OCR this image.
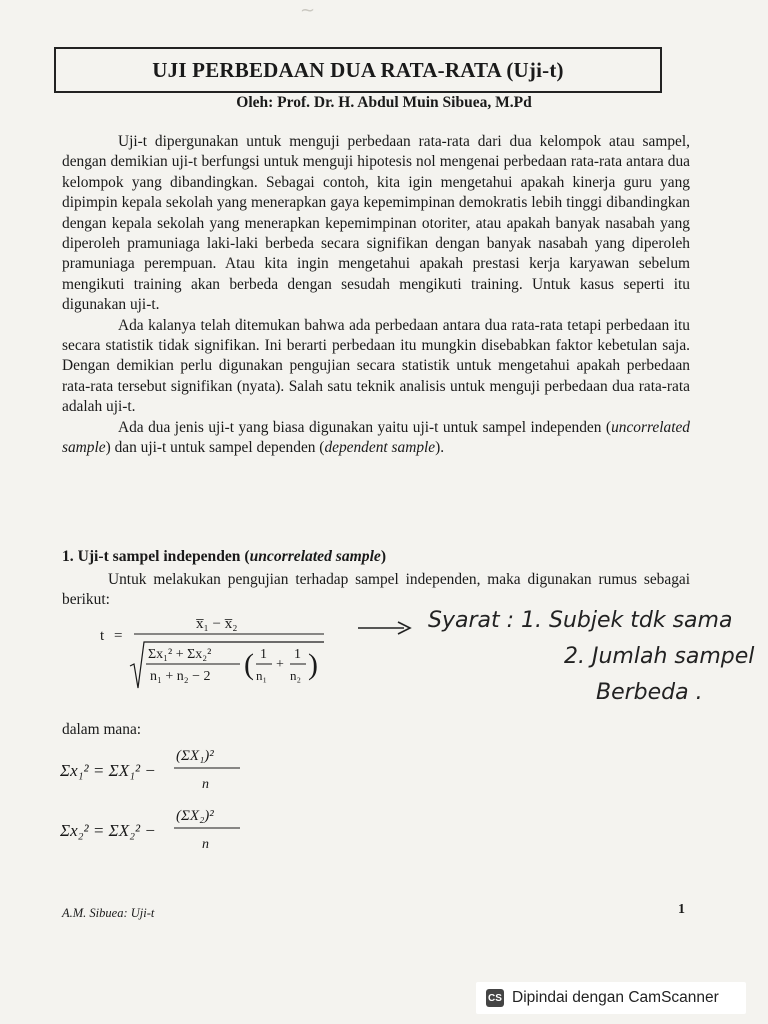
~
UJI PERBEDAAN DUA RATA-RATA (Uji-t)
Oleh: Prof. Dr. H. Abdul Muin Sibuea, M.Pd

Uji-t dipergunakan untuk menguji perbedaan rata-rata dari dua kelompok atau sampel, dengan demikian uji-t berfungsi untuk menguji hipotesis nol mengenai perbedaan rata-rata antara dua kelompok yang dibandingkan. Sebagai contoh, kita igin mengetahui apakah kinerja guru yang dipimpin kepala sekolah yang menerapkan gaya kepemimpinan demokratis lebih tinggi dibandingkan dengan kepala sekolah yang menerapkan kepemimpinan otoriter, atau apakah banyak nasabah yang diperoleh pramuniaga laki-laki berbeda secara signifikan dengan banyak nasabah yang diperoleh pramuniaga perempuan. Atau kita ingin mengetahui apakah prestasi kerja karyawan sebelum mengikuti training akan berbeda dengan sesudah mengikuti training. Untuk kasus seperti itu digunakan uji-t.

Ada kalanya telah ditemukan bahwa ada perbedaan antara dua rata-rata tetapi perbedaan itu secara statistik tidak signifikan. Ini berarti perbedaan itu mungkin disebabkan faktor kebetulan saja. Dengan demikian perlu digunakan pengujian secara statistik untuk mengetahui apakah perbedaan rata-rata tersebut signifikan (nyata). Salah satu teknik analisis untuk menguji perbedaan dua rata-rata adalah uji-t.

Ada dua jenis uji-t yang biasa digunakan yaitu uji-t untuk sampel independen (uncorrelated sample) dan uji-t untuk sampel dependen (dependent sample).

1. Uji-t sampel independen (uncorrelated sample)

Untuk melakukan pengujian terhadap sampel independen, maka digunakan rumus sebagai berikut:

t =
x̅₁ − x̅₂
Σx₁² + Σx₂²
n₁ + n₂ − 2 ( 1
n₁
+
1
n₂ )
Syarat : 1. Subjek tdk sama
2. Jumlah sampel
Berbeda .
dalam mana:
Σx₁² = ΣX₁² −
(ΣX₁)²
n
Σx₂² = ΣX₂² −
(ΣX₂)²
n
A.M. Sibuea: Uji-t	1
CS Dipindai dengan CamScanner
